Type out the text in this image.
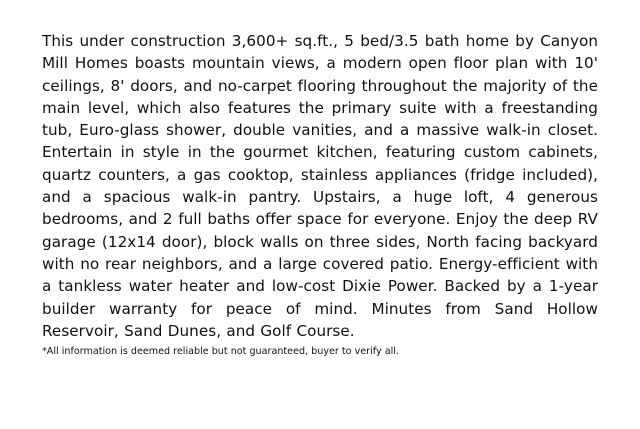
This under construction 3,600+ sq.ft., 5 bed/3.5 bath home by Canyon Mill Homes boasts mountain views, a modern open floor plan with 10' ceilings, 8' doors, and no-carpet flooring throughout the majority of the main level, which also features the primary suite with a freestanding tub, Euro-glass shower, double vanities, and a massive walk-in closet. Entertain in style in the gourmet kitchen, featuring custom cabinets, quartz counters, a gas cooktop, stainless appliances (fridge included), and a spacious walk-in pantry. Upstairs, a huge loft, 4 generous bedrooms, and 2 full baths offer space for everyone. Enjoy the deep RV garage (12x14 door), block walls on three sides, North facing backyard with no rear neighbors, and a large covered patio. Energy-efficient with a tankless water heater and low-cost Dixie Power. Backed by a 1-year builder warranty for peace of mind. Minutes from Sand Hollow Reservoir, Sand Dunes, and Golf Course.

*All information is deemed reliable but not guaranteed, buyer to verify all.
